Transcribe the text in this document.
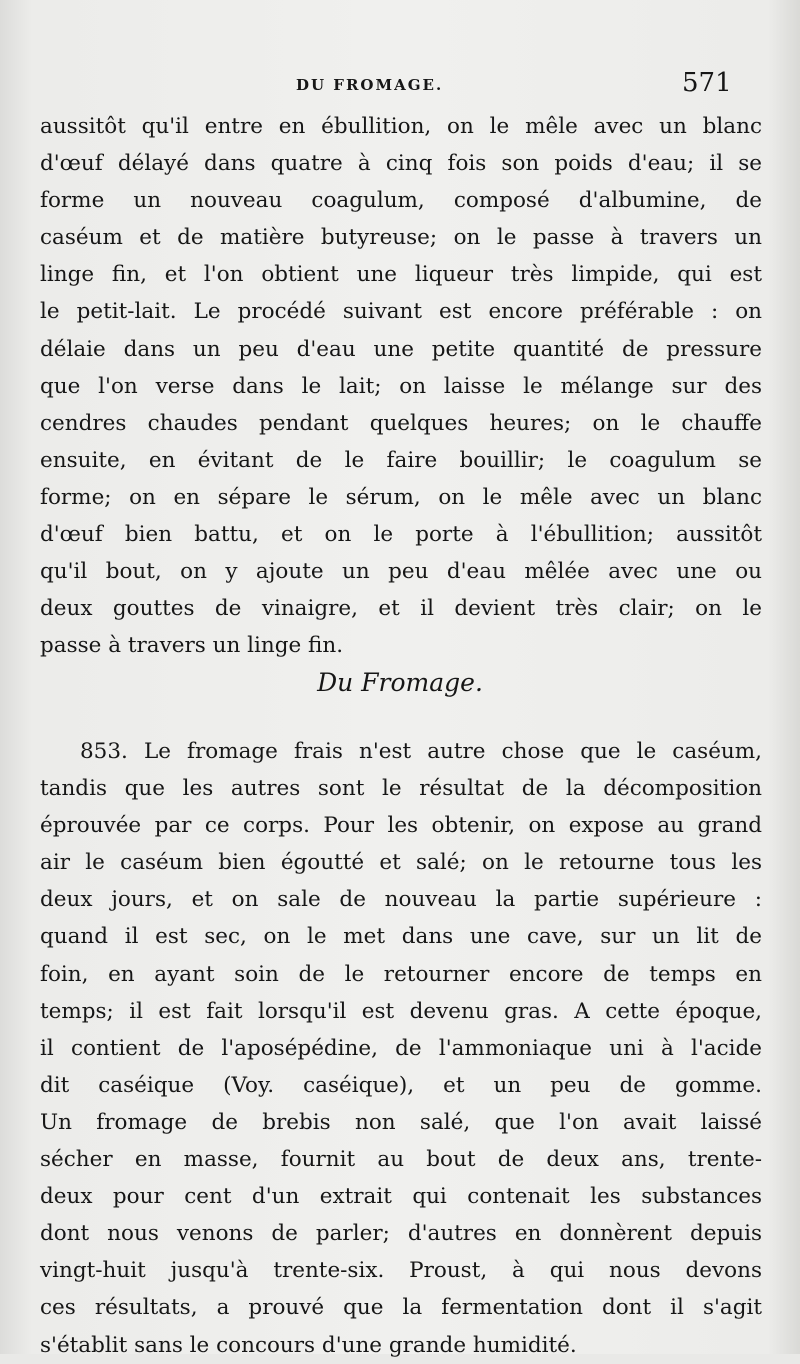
DU FROMAGE.	571
aussitôt qu'il entre en ébullition, on le mêle avec un blanc
d'œuf délayé dans quatre à cinq fois son poids d'eau; il se
forme un nouveau coagulum, composé d'albumine, de
caséum et de matière butyreuse; on le passe à travers un
linge fin, et l'on obtient une liqueur très limpide, qui est
le petit-lait. Le procédé suivant est encore préférable : on
délaie dans un peu d'eau une petite quantité de pressure
que l'on verse dans le lait; on laisse le mélange sur des
cendres chaudes pendant quelques heures; on le chauffe
ensuite, en évitant de le faire bouillir; le coagulum se
forme; on en sépare le sérum, on le mêle avec un blanc
d'œuf bien battu, et on le porte à l'ébullition; aussitôt
qu'il bout, on y ajoute un peu d'eau mêlée avec une ou
deux gouttes de vinaigre, et il devient très clair; on le
passe à travers un linge fin.
Du Fromage.
853. Le fromage frais n'est autre chose que le caséum,
tandis que les autres sont le résultat de la décomposition
éprouvée par ce corps. Pour les obtenir, on expose au grand
air le caséum bien égoutté et salé; on le retourne tous les
deux jours, et on sale de nouveau la partie supérieure :
quand il est sec, on le met dans une cave, sur un lit de
foin, en ayant soin de le retourner encore de temps en
temps; il est fait lorsqu'il est devenu gras. A cette époque,
il contient de l'aposépédine, de l'ammoniaque uni à l'acide
dit caséique (Voy. caséique), et un peu de gomme.
Un fromage de brebis non salé, que l'on avait laissé
sécher en masse, fournit au bout de deux ans, trente-
deux pour cent d'un extrait qui contenait les substances
dont nous venons de parler; d'autres en donnèrent depuis
vingt-huit jusqu'à trente-six. Proust, à qui nous devons
ces résultats, a prouvé que la fermentation dont il s'agit
s'établit sans le concours d'une grande humidité.
